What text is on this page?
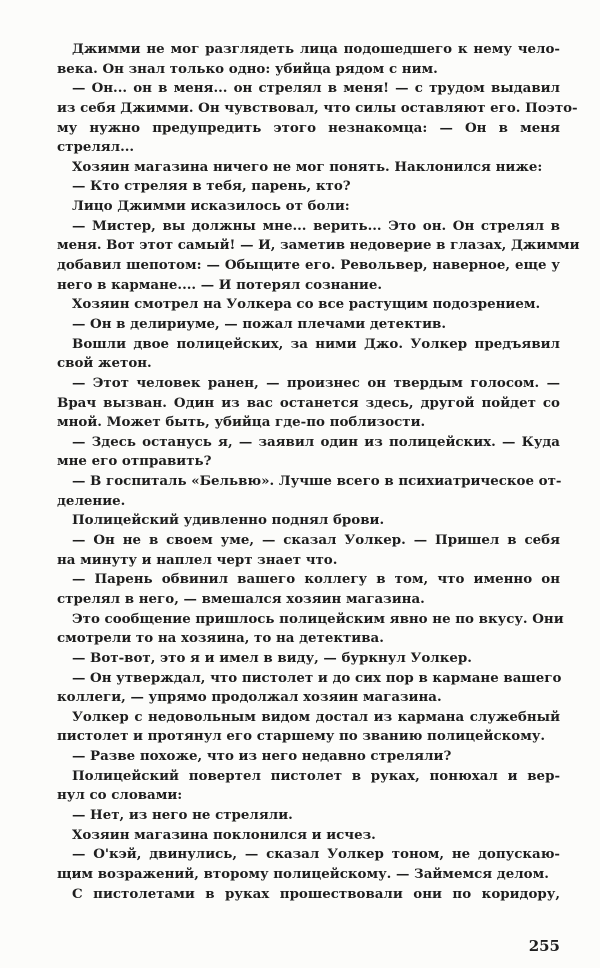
Джимми не мог разглядеть лица подошедшего к нему чело-
века. Он знал только одно: убийца рядом с ним.
— Он... он в меня... он стрелял в меня! — с трудом выдавил
из себя Джимми. Он чувствовал, что силы оставляют его. Поэто-
му нужно предупредить этого незнакомца: — Он в меня
стрелял...
Хозяин магазина ничего не мог понять. Наклонился ниже:
— Кто стреляя в тебя, парень, кто?
Лицо Джимми исказилось от боли:
— Мистер, вы должны мне... верить... Это он. Он стрелял в
меня. Вот этот самый! — И, заметив недоверие в глазах, Джимми
добавил шепотом: — Обыщите его. Револьвер, наверное, еще у
него в кармане.... — И потерял сознание.
Хозяин смотрел на Уолкера со все растущим подозрением.
— Он в делириуме, — пожал плечами детектив.
Вошли двое полицейских, за ними Джо. Уолкер предъявил
свой жетон.
— Этот человек ранен, — произнес он твердым голосом. —
Врач вызван. Один из вас останется здесь, другой пойдет со
мной. Может быть, убийца где-по поблизости.
— Здесь останусь я, — заявил один из полицейских. — Куда
мне его отправить?
— В госпиталь «Бельвю». Лучше всего в психиатрическое от-
деление.
Полицейский удивленно поднял брови.
— Он не в своем уме, — сказал Уолкер. — Пришел в себя
на минуту и наплел черт знает что.
— Парень обвинил вашего коллегу в том, что именно он
стрелял в него, — вмешался хозяин магазина.
Это сообщение пришлось полицейским явно не по вкусу. Они
смотрели то на хозяина, то на детектива.
— Вот-вот, это я и имел в виду, — буркнул Уолкер.
— Он утверждал, что пистолет и до сих пор в кармане вашего
коллеги, — упрямо продолжал хозяин магазина.
Уолкер с недовольным видом достал из кармана служебный
пистолет и протянул его старшему по званию полицейскому.
— Разве похоже, что из него недавно стреляли?
Полицейский повертел пистолет в руках, понюхал и вер-
нул со словами:
— Нет, из него не стреляли.
Хозяин магазина поклонился и исчез.
— О'кэй, двинулись, — сказал Уолкер тоном, не допускаю-
щим возражений, второму полицейскому. — Займемся делом.
С пистолетами в руках прошествовали они по коридору,
255
